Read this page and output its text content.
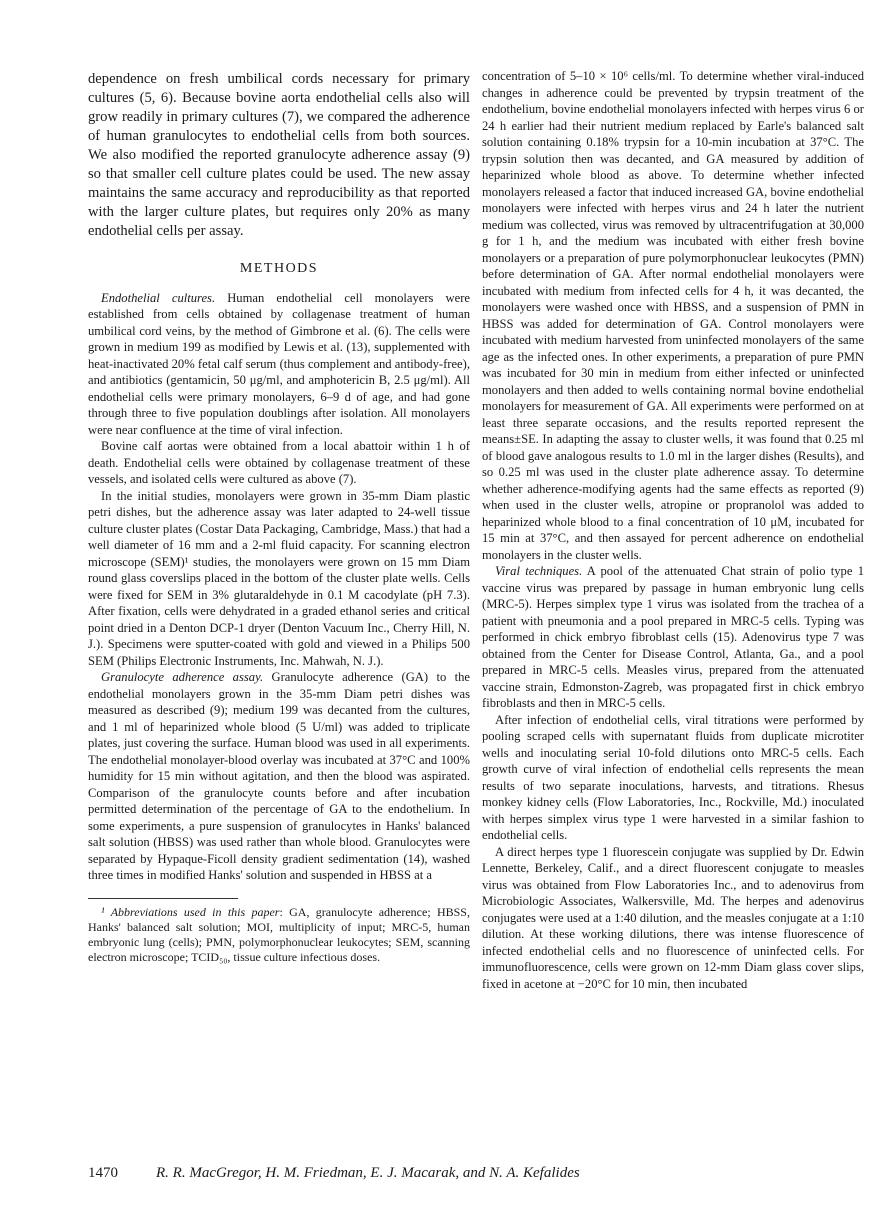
dependence on fresh umbilical cords necessary for primary cultures (5, 6). Because bovine aorta endothelial cells also will grow readily in primary cultures (7), we compared the adherence of human granulocytes to endothelial cells from both sources. We also modified the reported granulocyte adherence assay (9) so that smaller cell culture plates could be used. The new assay maintains the same accuracy and reproducibility as that reported with the larger culture plates, but requires only 20% as many endothelial cells per assay.

METHODS

Endothelial cultures. Human endothelial cell monolayers were established from cells obtained by collagenase treatment of human umbilical cord veins, by the method of Gimbrone et al. (6). The cells were grown in medium 199 as modified by Lewis et al. (13), supplemented with heat-inactivated 20% fetal calf serum (thus complement and antibody-free), and antibiotics (gentamicin, 50 μg/ml, and amphotericin B, 2.5 μg/ml). All endothelial cells were primary monolayers, 6–9 d of age, and had gone through three to five population doublings after isolation. All monolayers were near confluence at the time of viral infection.

Bovine calf aortas were obtained from a local abattoir within 1 h of death. Endothelial cells were obtained by collagenase treatment of these vessels, and isolated cells were cultured as above (7).

In the initial studies, monolayers were grown in 35-mm Diam plastic petri dishes, but the adherence assay was later adapted to 24-well tissue culture cluster plates (Costar Data Packaging, Cambridge, Mass.) that had a well diameter of 16 mm and a 2-ml fluid capacity. For scanning electron microscope (SEM)¹ studies, the monolayers were grown on 15 mm Diam round glass coverslips placed in the bottom of the cluster plate wells. Cells were fixed for SEM in 3% glutaraldehyde in 0.1 M cacodylate (pH 7.3). After fixation, cells were dehydrated in a graded ethanol series and critical point dried in a Denton DCP-1 dryer (Denton Vacuum Inc., Cherry Hill, N. J.). Specimens were sputter-coated with gold and viewed in a Philips 500 SEM (Philips Electronic Instruments, Inc. Mahwah, N. J.).

Granulocyte adherence assay. Granulocyte adherence (GA) to the endothelial monolayers grown in the 35-mm Diam petri dishes was measured as described (9); medium 199 was decanted from the cultures, and 1 ml of heparinized whole blood (5 U/ml) was added to triplicate plates, just covering the surface. Human blood was used in all experiments. The endothelial monolayer-blood overlay was incubated at 37°C and 100% humidity for 15 min without agitation, and then the blood was aspirated. Comparison of the granulocyte counts before and after incubation permitted determination of the percentage of GA to the endothelium. In some experiments, a pure suspension of granulocytes in Hanks' balanced salt solution (HBSS) was used rather than whole blood. Granulocytes were separated by Hypaque-Ficoll density gradient sedimentation (14), washed three times in modified Hanks' solution and suspended in HBSS at a

¹ Abbreviations used in this paper: GA, granulocyte adherence; HBSS, Hanks' balanced salt solution; MOI, multiplicity of input; MRC-5, human embryonic lung (cells); PMN, polymorphonuclear leukocytes; SEM, scanning electron microscope; TCID₅₀, tissue culture infectious doses.

concentration of 5–10 × 10⁶ cells/ml. To determine whether viral-induced changes in adherence could be prevented by trypsin treatment of the endothelium, bovine endothelial monolayers infected with herpes virus 6 or 24 h earlier had their nutrient medium replaced by Earle's balanced salt solution containing 0.18% trypsin for a 10-min incubation at 37°C. The trypsin solution then was decanted, and GA measured by addition of heparinized whole blood as above. To determine whether infected monolayers released a factor that induced increased GA, bovine endothelial monolayers were infected with herpes virus and 24 h later the nutrient medium was collected, virus was removed by ultracentrifugation at 30,000 g for 1 h, and the medium was incubated with either fresh bovine monolayers or a preparation of pure polymorphonuclear leukocytes (PMN) before determination of GA. After normal endothelial monolayers were incubated with medium from infected cells for 4 h, it was decanted, the monolayers were washed once with HBSS, and a suspension of PMN in HBSS was added for determination of GA. Control monolayers were incubated with medium harvested from uninfected monolayers of the same age as the infected ones. In other experiments, a preparation of pure PMN was incubated for 30 min in medium from either infected or uninfected monolayers and then added to wells containing normal bovine endothelial monolayers for measurement of GA. All experiments were performed on at least three separate occasions, and the results reported represent the means±SE. In adapting the assay to cluster wells, it was found that 0.25 ml of blood gave analogous results to 1.0 ml in the larger dishes (Results), and so 0.25 ml was used in the cluster plate adherence assay. To determine whether adherence-modifying agents had the same effects as reported (9) when used in the cluster wells, atropine or propranolol was added to heparinized whole blood to a final concentration of 10 μM, incubated for 15 min at 37°C, and then assayed for percent adherence on endothelial monolayers in the cluster wells.

Viral techniques. A pool of the attenuated Chat strain of polio type 1 vaccine virus was prepared by passage in human embryonic lung cells (MRC-5). Herpes simplex type 1 virus was isolated from the trachea of a patient with pneumonia and a pool prepared in MRC-5 cells. Typing was performed in chick embryo fibroblast cells (15). Adenovirus type 7 was obtained from the Center for Disease Control, Atlanta, Ga., and a pool prepared in MRC-5 cells. Measles virus, prepared from the attenuated vaccine strain, Edmonston-Zagreb, was propagated first in chick embryo fibroblasts and then in MRC-5 cells.

After infection of endothelial cells, viral titrations were performed by pooling scraped cells with supernatant fluids from duplicate microtiter wells and inoculating serial 10-fold dilutions onto MRC-5 cells. Each growth curve of viral infection of endothelial cells represents the mean results of two separate inoculations, harvests, and titrations. Rhesus monkey kidney cells (Flow Laboratories, Inc., Rockville, Md.) inoculated with herpes simplex virus type 1 were harvested in a similar fashion to endothelial cells.

A direct herpes type 1 fluorescein conjugate was supplied by Dr. Edwin Lennette, Berkeley, Calif., and a direct fluorescent conjugate to measles virus was obtained from Flow Laboratories Inc., and to adenovirus from Microbiologic Associates, Walkersville, Md. The herpes and adenovirus conjugates were used at a 1:40 dilution, and the measles conjugate at a 1:10 dilution. At these working dilutions, there was intense fluorescence of infected endothelial cells and no fluorescence of uninfected cells. For immunofluorescence, cells were grown on 12-mm Diam glass cover slips, fixed in acetone at −20°C for 10 min, then incubated

1470	R. R. MacGregor, H. M. Friedman, E. J. Macarak, and N. A. Kefalides
